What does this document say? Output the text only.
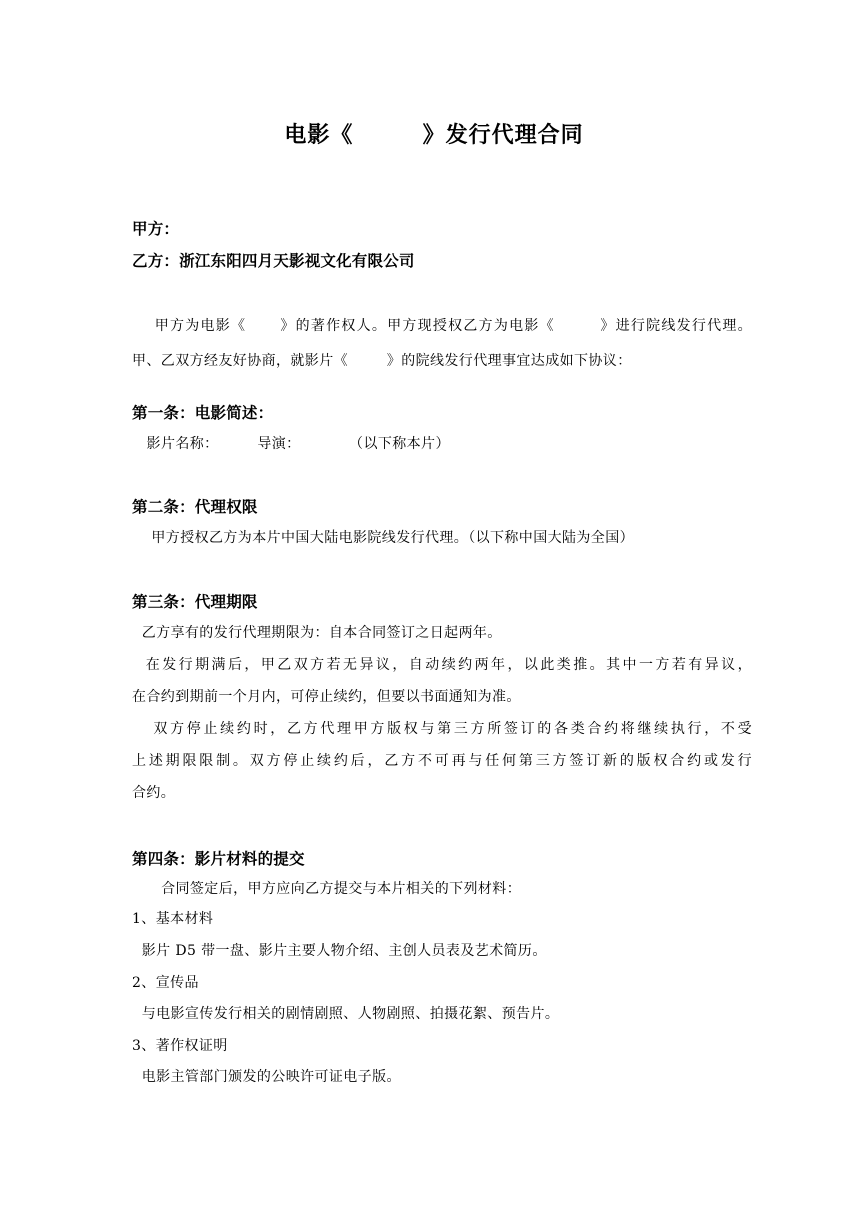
电影《        》发行代理合同
甲方：
乙方：浙江东阳四月天影视文化有限公司
甲方为电影《      》的著作权人。甲方现授权乙方为电影《        》进行院线发行代理。
甲、乙双方经友好协商，就影片《        》的院线发行代理事宜达成如下协议：
第一条：电影简述：
影片名称：        导演：          （以下称本片）
第二条：代理权限
甲方授权乙方为本片中国大陆电影院线发行代理。（以下称中国大陆为全国）
第三条：代理期限
乙方享有的发行代理期限为：自本合同签订之日起两年。
在发行期满后，甲乙双方若无异议，自动续约两年，以此类推。其中一方若有异议，
在合约到期前一个月内，可停止续约，但要以书面通知为准。
双方停止续约时，乙方代理甲方版权与第三方所签订的各类合约将继续执行，不受
上述期限限制。双方停止续约后，乙方不可再与任何第三方签订新的版权合约或发行
合约。
第四条：影片材料的提交
合同签定后，甲方应向乙方提交与本片相关的下列材料：
1、基本材料
影片 D5 带一盘、影片主要人物介绍、主创人员表及艺术简历。
2、宣传品
与电影宣传发行相关的剧情剧照、人物剧照、拍摄花絮、预告片。
3、著作权证明
电影主管部门颁发的公映许可证电子版。
